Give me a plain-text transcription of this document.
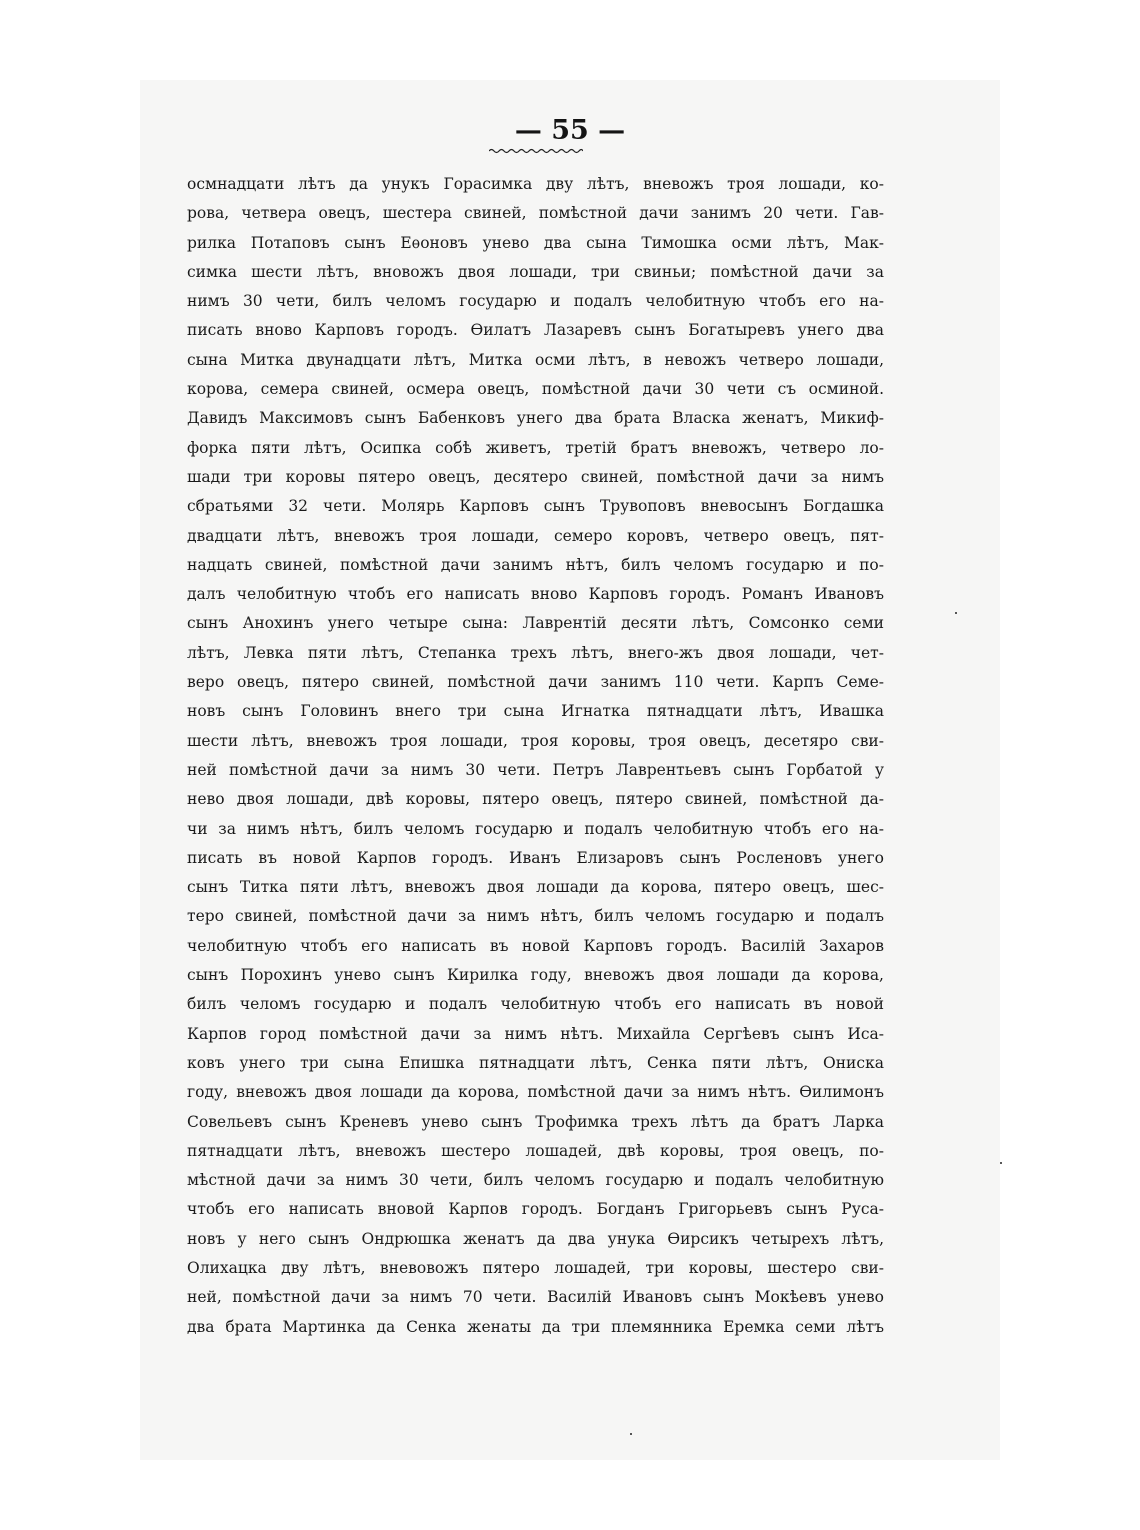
— 55 —
осмнадцати лѣтъ да унукъ Горасимка дву лѣтъ, вневожъ троя лошади, ко-
рова, четвера овецъ, шестера свиней, помѣстной дачи занимъ 20 чети. Гав-
рилка Потаповъ сынъ Еѳоновъ унево два сына Тимошка осми лѣтъ, Мак-
симка шести лѣтъ, вновожъ двоя лошади, три свиньи; помѣстной дачи за
нимъ 30 чети, билъ челомъ государю и подалъ челобитную чтобъ его на-
писать вново Карповъ городъ. Ѳилатъ Лазаревъ сынъ Богатыревъ унего два
сына Митка двунадцати лѣтъ, Митка осми лѣтъ, в невожъ четверо лошади,
корова, семера свиней, осмера овецъ, помѣстной дачи 30 чети съ осминой.
Давидъ Максимовъ сынъ Бабенковъ унего два брата Власка женатъ, Микиф-
форка пяти лѣтъ, Осипка собѣ живетъ, третій братъ вневожъ, четверо ло-
шади три коровы пятеро овецъ, десятеро свиней, помѣстной дачи за нимъ
сбратьями 32 чети. Молярь Карповъ сынъ Трувоповъ вневосынъ Богдашка
двадцати лѣтъ, вневожъ троя лошади, семеро коровъ, четверо овецъ, пят-
надцать свиней, помѣстной дачи занимъ нѣтъ, билъ челомъ государю и по-
далъ челобитную чтобъ его написать вново Карповъ городъ. Романъ Ивановъ
сынъ Анохинъ унего четыре сына: Лаврентій десяти лѣтъ, Сомсонко семи
лѣтъ, Левка пяти лѣтъ, Степанка трехъ лѣтъ, внего-жъ двоя лошади, чет-
веро овецъ, пятеро свиней, помѣстной дачи занимъ 110 чети. Карпъ Семе-
новъ сынъ Головинъ внего три сына Игнатка пятнадцати лѣтъ, Ивашка
шести лѣтъ, вневожъ троя лошади, троя коровы, троя овецъ, десетяро сви-
ней помѣстной дачи за нимъ 30 чети. Петръ Лаврентьевъ сынъ Горбатой у
нево двоя лошади, двѣ коровы, пятеро овецъ, пятеро свиней, помѣстной да-
чи за нимъ нѣтъ, билъ челомъ государю и подалъ челобитную чтобъ его на-
писать въ новой Карпов городъ. Иванъ Елизаровъ сынъ Росленовъ унего
сынъ Титка пяти лѣтъ, вневожъ двоя лошади да корова, пятеро овецъ, шес-
теро свиней, помѣстной дачи за нимъ нѣтъ, билъ челомъ государю и подалъ
челобитную чтобъ его написать въ новой Карповъ городъ. Василій Захаров
сынъ Порохинъ унево сынъ Кирилка году, вневожъ двоя лошади да корова,
билъ челомъ государю и подалъ челобитную чтобъ его написать въ новой
Карпов город помѣстной дачи за нимъ нѣтъ. Михайла Сергѣевъ сынъ Иса-
ковъ унего три сына Епишка пятнадцати лѣтъ, Сенка пяти лѣтъ, Ониска
году, вневожъ двоя лошади да корова, помѣстной дачи за нимъ нѣтъ. Ѳилимонъ
Совельевъ сынъ Креневъ унево сынъ Трофимка трехъ лѣтъ да братъ Ларка
пятнадцати лѣтъ, вневожъ шестеро лошадей, двѣ коровы, троя овецъ, по-
мѣстной дачи за нимъ 30 чети, билъ челомъ государю и подалъ челобитную
чтобъ его написать вновой Карпов городъ. Богданъ Григорьевъ сынъ Руса-
новъ у него сынъ Ондрюшка женатъ да два унука Ѳирсикъ четырехъ лѣтъ,
Олихацка дву лѣтъ, вневовожъ пятеро лошадей, три коровы, шестеро сви-
ней, помѣстной дачи за нимъ 70 чети. Василій Ивановъ сынъ Мокѣевъ унево
два брата Мартинка да Сенка женаты да три племянника Еремка семи лѣтъ
